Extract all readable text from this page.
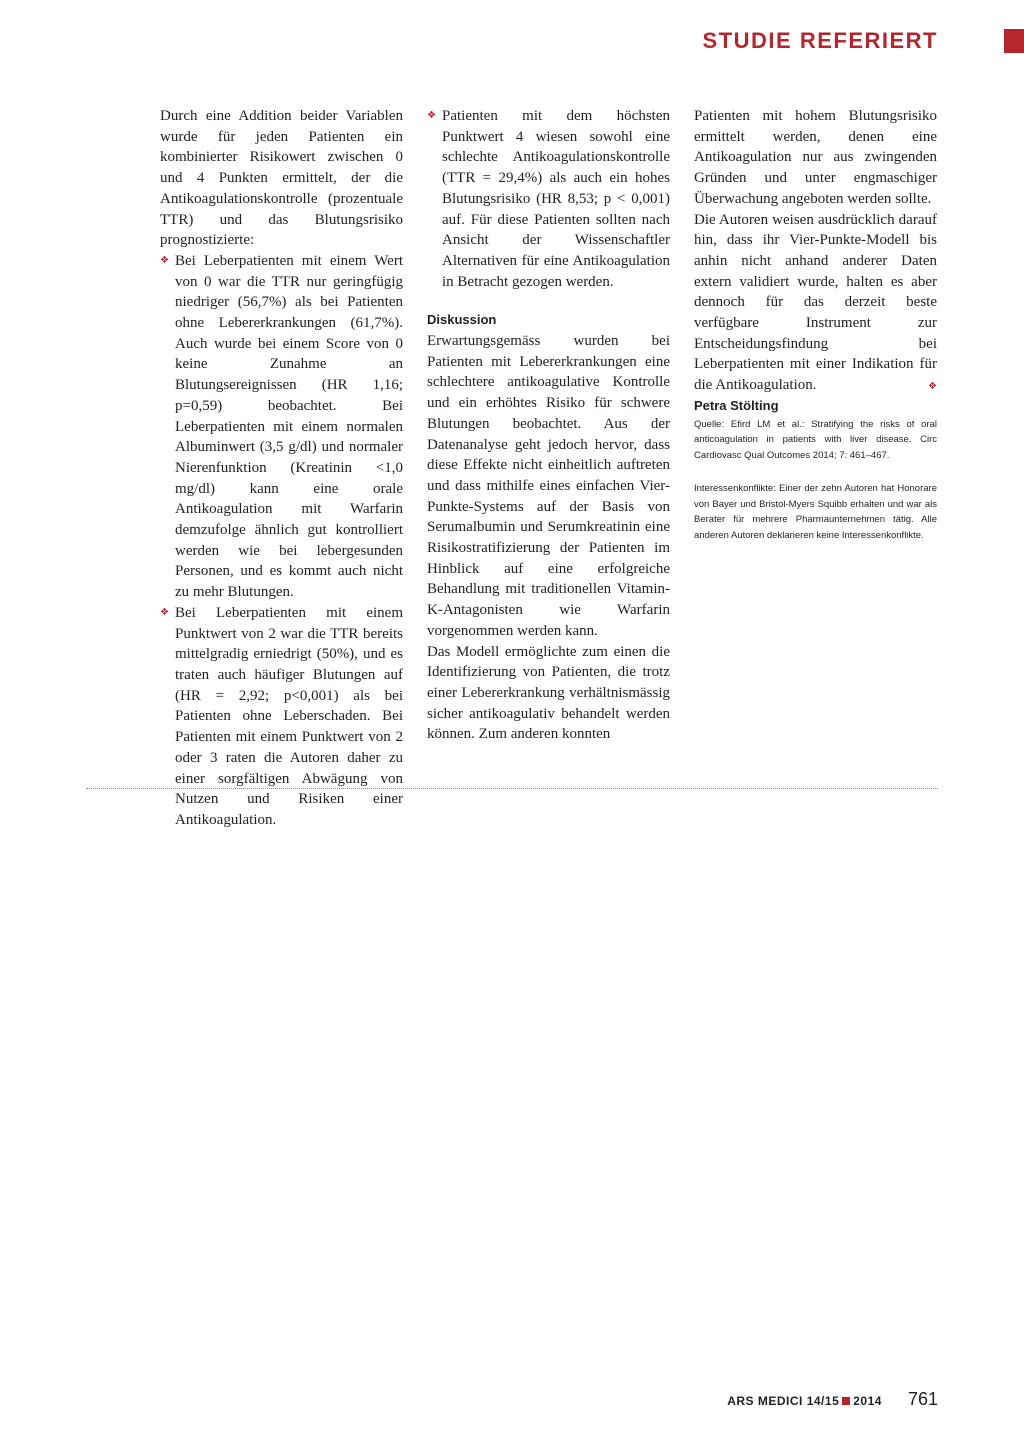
STUDIE REFERIERT

Durch eine Addition beider Variablen wurde für jeden Patienten ein kombinierter Risikowert zwischen 0 und 4 Punkten ermittelt, der die Antikoagulationskontrolle (prozentuale TTR) und das Blutungsrisiko prognostizierte:

❖ Bei Leberpatienten mit einem Wert von 0 war die TTR nur geringfügig niedriger (56,7%) als bei Patienten ohne Lebererkrankungen (61,7%). Auch wurde bei einem Score von 0 keine Zunahme an Blutungsereignissen (HR 1,16; p=0,59) beobachtet. Bei Leberpatienten mit einem normalen Albuminwert (3,5 g/dl) und normaler Nierenfunktion (Kreatinin <1,0 mg/dl) kann eine orale Antikoagulation mit Warfarin demzufolge ähnlich gut kontrolliert werden wie bei lebergesunden Personen, und es kommt auch nicht zu mehr Blutungen.

❖ Bei Leberpatienten mit einem Punktwert von 2 war die TTR bereits mittelgradig erniedrigt (50%), und es traten auch häufiger Blutungen auf (HR = 2,92; p<0,001) als bei Patienten ohne Leberschaden. Bei Patienten mit einem Punktwert von 2 oder 3 raten die Autoren daher zu einer sorgfältigen Abwägung von Nutzen und Risiken einer Antikoagulation.

❖ Patienten mit dem höchsten Punktwert 4 wiesen sowohl eine schlechte Antikoagulationskontrolle (TTR = 29,4%) als auch ein hohes Blutungsrisiko (HR 8,53; p < 0,001) auf. Für diese Patienten sollten nach Ansicht der Wissenschaftler Alternativen für eine Antikoagulation in Betracht gezogen werden.

Diskussion

Erwartungsgemäss wurden bei Patienten mit Lebererkrankungen eine schlechtere antikoagulative Kontrolle und ein erhöhtes Risiko für schwere Blutungen beobachtet. Aus der Datenanalyse geht jedoch hervor, dass diese Effekte nicht einheitlich auftreten und dass mithilfe eines einfachen Vier-Punkte-Systems auf der Basis von Serumalbumin und Serumkreatinin eine Risikostratifizierung der Patienten im Hinblick auf eine erfolgreiche Behandlung mit traditionellen Vitamin-K-Antagonisten wie Warfarin vorgenommen werden kann.

Das Modell ermöglichte zum einen die Identifizierung von Patienten, die trotz einer Lebererkrankung verhältnismässig sicher antikoagulativ behandelt werden können. Zum anderen konnten

Patienten mit hohem Blutungsrisiko ermittelt werden, denen eine Antikoagulation nur aus zwingenden Gründen und unter engmaschiger Überwachung angeboten werden sollte.

Die Autoren weisen ausdrücklich darauf hin, dass ihr Vier-Punkte-Modell bis anhin nicht anhand anderer Daten extern validiert wurde, halten es aber dennoch für das derzeit beste verfügbare Instrument zur Entscheidungsfindung bei Leberpatienten mit einer Indikation für die Antikoagulation.	❖

Petra Stölting

Quelle: Efird LM et al.: Stratifying the risks of oral anticoagulation in patients with liver disease. Circ Cardiovasc Qual Outcomes 2014; 7: 461–467.

Interessenkonflikte: Einer der zehn Autoren hat Honorare von Bayer und Bristol-Myers Squibb erhalten und war als Berater für mehrere Pharmaunternehmen tätig. Alle anderen Autoren deklarieren keine Interessenkonflikte.

ARS MEDICI 14/15 2014 761
